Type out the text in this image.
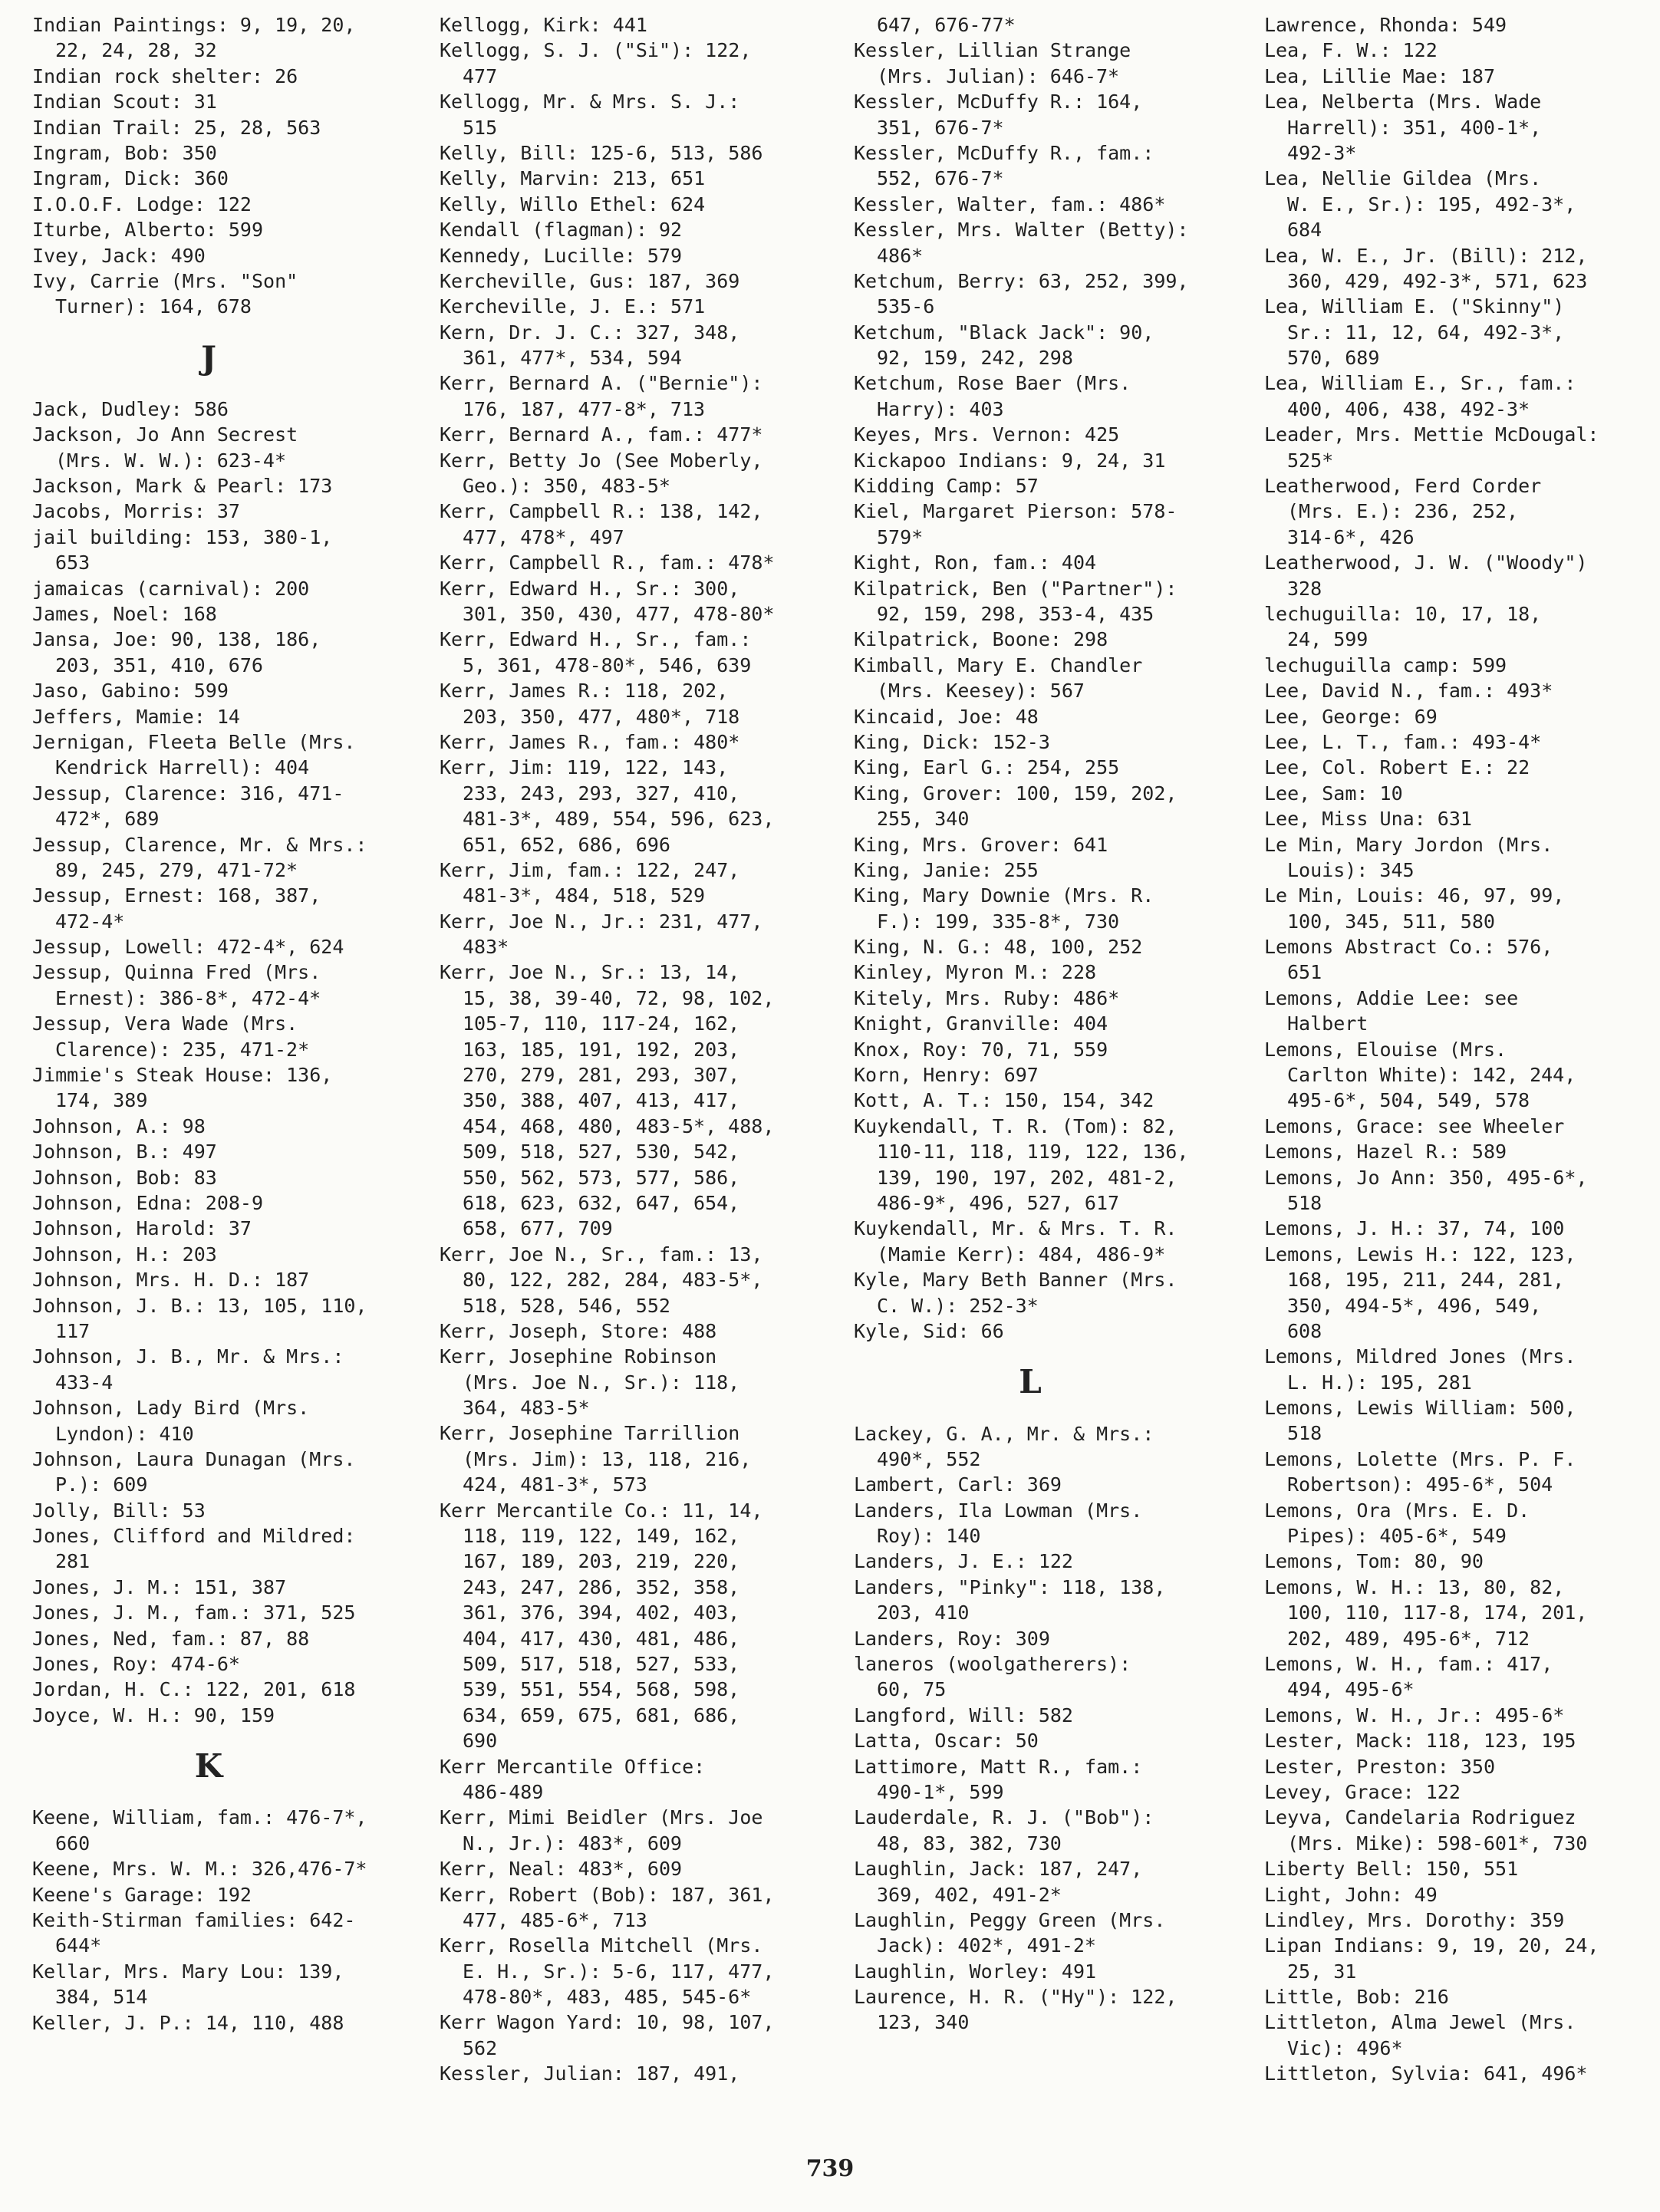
Indian Paintings: 9, 19, 20,
22, 24, 28, 32
Indian rock shelter: 26
Indian Scout: 31
Indian Trail: 25, 28, 563
Ingram, Bob: 350
Ingram, Dick: 360
I.O.O.F. Lodge: 122
Iturbe, Alberto: 599
Ivey, Jack: 490
Ivy, Carrie (Mrs. "Son"
Turner): 164, 678
J
Jack, Dudley: 586
Jackson, Jo Ann Secrest
(Mrs. W. W.): 623-4*
Jackson, Mark & Pearl: 173
Jacobs, Morris: 37
jail building: 153, 380-1,
653
jamaicas (carnival): 200
James, Noel: 168
Jansa, Joe: 90, 138, 186,
203, 351, 410, 676
Jaso, Gabino: 599
Jeffers, Mamie: 14
Jernigan, Fleeta Belle (Mrs.
Kendrick Harrell): 404
Jessup, Clarence: 316, 471-
472*, 689
Jessup, Clarence, Mr. & Mrs.:
89, 245, 279, 471-72*
Jessup, Ernest: 168, 387,
472-4*
Jessup, Lowell: 472-4*, 624
Jessup, Quinna Fred (Mrs.
Ernest): 386-8*, 472-4*
Jessup, Vera Wade (Mrs.
Clarence): 235, 471-2*
Jimmie's Steak House: 136,
174, 389
Johnson, A.: 98
Johnson, B.: 497
Johnson, Bob: 83
Johnson, Edna: 208-9
Johnson, Harold: 37
Johnson, H.: 203
Johnson, Mrs. H. D.: 187
Johnson, J. B.: 13, 105, 110,
117
Johnson, J. B., Mr. & Mrs.:
433-4
Johnson, Lady Bird (Mrs.
Lyndon): 410
Johnson, Laura Dunagan (Mrs.
P.): 609
Jolly, Bill: 53
Jones, Clifford and Mildred:
281
Jones, J. M.: 151, 387
Jones, J. M., fam.: 371, 525
Jones, Ned, fam.: 87, 88
Jones, Roy: 474-6*
Jordan, H. C.: 122, 201, 618
Joyce, W. H.: 90, 159
K
Keene, William, fam.: 476-7*,
660
Keene, Mrs. W. M.: 326,476-7*
Keene's Garage: 192
Keith-Stirman families: 642-
644*
Kellar, Mrs. Mary Lou: 139,
384, 514
Keller, J. P.: 14, 110, 488
Kellogg, Kirk: 441
Kellogg, S. J. ("Si"): 122,
477
Kellogg, Mr. & Mrs. S. J.:
515
Kelly, Bill: 125-6, 513, 586
Kelly, Marvin: 213, 651
Kelly, Willo Ethel: 624
Kendall (flagman): 92
Kennedy, Lucille: 579
Kercheville, Gus: 187, 369
Kercheville, J. E.: 571
Kern, Dr. J. C.: 327, 348,
361, 477*, 534, 594
Kerr, Bernard A. ("Bernie"):
176, 187, 477-8*, 713
Kerr, Bernard A., fam.: 477*
Kerr, Betty Jo (See Moberly,
Geo.): 350, 483-5*
Kerr, Campbell R.: 138, 142,
477, 478*, 497
Kerr, Campbell R., fam.: 478*
Kerr, Edward H., Sr.: 300,
301, 350, 430, 477, 478-80*
Kerr, Edward H., Sr., fam.:
5, 361, 478-80*, 546, 639
Kerr, James R.: 118, 202,
203, 350, 477, 480*, 718
Kerr, James R., fam.: 480*
Kerr, Jim: 119, 122, 143,
233, 243, 293, 327, 410,
481-3*, 489, 554, 596, 623,
651, 652, 686, 696
Kerr, Jim, fam.: 122, 247,
481-3*, 484, 518, 529
Kerr, Joe N., Jr.: 231, 477,
483*
Kerr, Joe N., Sr.: 13, 14,
15, 38, 39-40, 72, 98, 102,
105-7, 110, 117-24, 162,
163, 185, 191, 192, 203,
270, 279, 281, 293, 307,
350, 388, 407, 413, 417,
454, 468, 480, 483-5*, 488,
509, 518, 527, 530, 542,
550, 562, 573, 577, 586,
618, 623, 632, 647, 654,
658, 677, 709
Kerr, Joe N., Sr., fam.: 13,
80, 122, 282, 284, 483-5*,
518, 528, 546, 552
Kerr, Joseph, Store: 488
Kerr, Josephine Robinson
(Mrs. Joe N., Sr.): 118,
364, 483-5*
Kerr, Josephine Tarrillion
(Mrs. Jim): 13, 118, 216,
424, 481-3*, 573
Kerr Mercantile Co.: 11, 14,
118, 119, 122, 149, 162,
167, 189, 203, 219, 220,
243, 247, 286, 352, 358,
361, 376, 394, 402, 403,
404, 417, 430, 481, 486,
509, 517, 518, 527, 533,
539, 551, 554, 568, 598,
634, 659, 675, 681, 686,
690
Kerr Mercantile Office:
486-489
Kerr, Mimi Beidler (Mrs. Joe
N., Jr.): 483*, 609
Kerr, Neal: 483*, 609
Kerr, Robert (Bob): 187, 361,
477, 485-6*, 713
Kerr, Rosella Mitchell (Mrs.
E. H., Sr.): 5-6, 117, 477,
478-80*, 483, 485, 545-6*
Kerr Wagon Yard: 10, 98, 107,
562
Kessler, Julian: 187, 491,
647, 676-77*
Kessler, Lillian Strange
(Mrs. Julian): 646-7*
Kessler, McDuffy R.: 164,
351, 676-7*
Kessler, McDuffy R., fam.:
552, 676-7*
Kessler, Walter, fam.: 486*
Kessler, Mrs. Walter (Betty):
486*
Ketchum, Berry: 63, 252, 399,
535-6
Ketchum, "Black Jack": 90,
92, 159, 242, 298
Ketchum, Rose Baer (Mrs.
Harry): 403
Keyes, Mrs. Vernon: 425
Kickapoo Indians: 9, 24, 31
Kidding Camp: 57
Kiel, Margaret Pierson: 578-
579*
Kight, Ron, fam.: 404
Kilpatrick, Ben ("Partner"):
92, 159, 298, 353-4, 435
Kilpatrick, Boone: 298
Kimball, Mary E. Chandler
(Mrs. Keesey): 567
Kincaid, Joe: 48
King, Dick: 152-3
King, Earl G.: 254, 255
King, Grover: 100, 159, 202,
255, 340
King, Mrs. Grover: 641
King, Janie: 255
King, Mary Downie (Mrs. R.
F.): 199, 335-8*, 730
King, N. G.: 48, 100, 252
Kinley, Myron M.: 228
Kitely, Mrs. Ruby: 486*
Knight, Granville: 404
Knox, Roy: 70, 71, 559
Korn, Henry: 697
Kott, A. T.: 150, 154, 342
Kuykendall, T. R. (Tom): 82,
110-11, 118, 119, 122, 136,
139, 190, 197, 202, 481-2,
486-9*, 496, 527, 617
Kuykendall, Mr. & Mrs. T. R.
(Mamie Kerr): 484, 486-9*
Kyle, Mary Beth Banner (Mrs.
C. W.): 252-3*
Kyle, Sid: 66
L
Lackey, G. A., Mr. & Mrs.:
490*, 552
Lambert, Carl: 369
Landers, Ila Lowman (Mrs.
Roy): 140
Landers, J. E.: 122
Landers, "Pinky": 118, 138,
203, 410
Landers, Roy: 309
laneros (woolgatherers):
60, 75
Langford, Will: 582
Latta, Oscar: 50
Lattimore, Matt R., fam.:
490-1*, 599
Lauderdale, R. J. ("Bob"):
48, 83, 382, 730
Laughlin, Jack: 187, 247,
369, 402, 491-2*
Laughlin, Peggy Green (Mrs.
Jack): 402*, 491-2*
Laughlin, Worley: 491
Laurence, H. R. ("Hy"): 122,
123, 340
Lawrence, Rhonda: 549
Lea, F. W.: 122
Lea, Lillie Mae: 187
Lea, Nelberta (Mrs. Wade
Harrell): 351, 400-1*,
492-3*
Lea, Nellie Gildea (Mrs.
W. E., Sr.): 195, 492-3*,
684
Lea, W. E., Jr. (Bill): 212,
360, 429, 492-3*, 571, 623
Lea, William E. ("Skinny")
Sr.: 11, 12, 64, 492-3*,
570, 689
Lea, William E., Sr., fam.:
400, 406, 438, 492-3*
Leader, Mrs. Mettie McDougal:
525*
Leatherwood, Ferd Corder
(Mrs. E.): 236, 252,
314-6*, 426
Leatherwood, J. W. ("Woody")
328
lechuguilla: 10, 17, 18,
24, 599
lechuguilla camp: 599
Lee, David N., fam.: 493*
Lee, George: 69
Lee, L. T., fam.: 493-4*
Lee, Col. Robert E.: 22
Lee, Sam: 10
Lee, Miss Una: 631
Le Min, Mary Jordon (Mrs.
Louis): 345
Le Min, Louis: 46, 97, 99,
100, 345, 511, 580
Lemons Abstract Co.: 576,
651
Lemons, Addie Lee: see
Halbert
Lemons, Elouise (Mrs.
Carlton White): 142, 244,
495-6*, 504, 549, 578
Lemons, Grace: see Wheeler
Lemons, Hazel R.: 589
Lemons, Jo Ann: 350, 495-6*,
518
Lemons, J. H.: 37, 74, 100
Lemons, Lewis H.: 122, 123,
168, 195, 211, 244, 281,
350, 494-5*, 496, 549,
608
Lemons, Mildred Jones (Mrs.
L. H.): 195, 281
Lemons, Lewis William: 500,
518
Lemons, Lolette (Mrs. P. F.
Robertson): 495-6*, 504
Lemons, Ora (Mrs. E. D.
Pipes): 405-6*, 549
Lemons, Tom: 80, 90
Lemons, W. H.: 13, 80, 82,
100, 110, 117-8, 174, 201,
202, 489, 495-6*, 712
Lemons, W. H., fam.: 417,
494, 495-6*
Lemons, W. H., Jr.: 495-6*
Lester, Mack: 118, 123, 195
Lester, Preston: 350
Levey, Grace: 122
Leyva, Candelaria Rodriguez
(Mrs. Mike): 598-601*, 730
Liberty Bell: 150, 551
Light, John: 49
Lindley, Mrs. Dorothy: 359
Lipan Indians: 9, 19, 20, 24,
25, 31
Little, Bob: 216
Littleton, Alma Jewel (Mrs.
Vic): 496*
Littleton, Sylvia: 641, 496*
739
